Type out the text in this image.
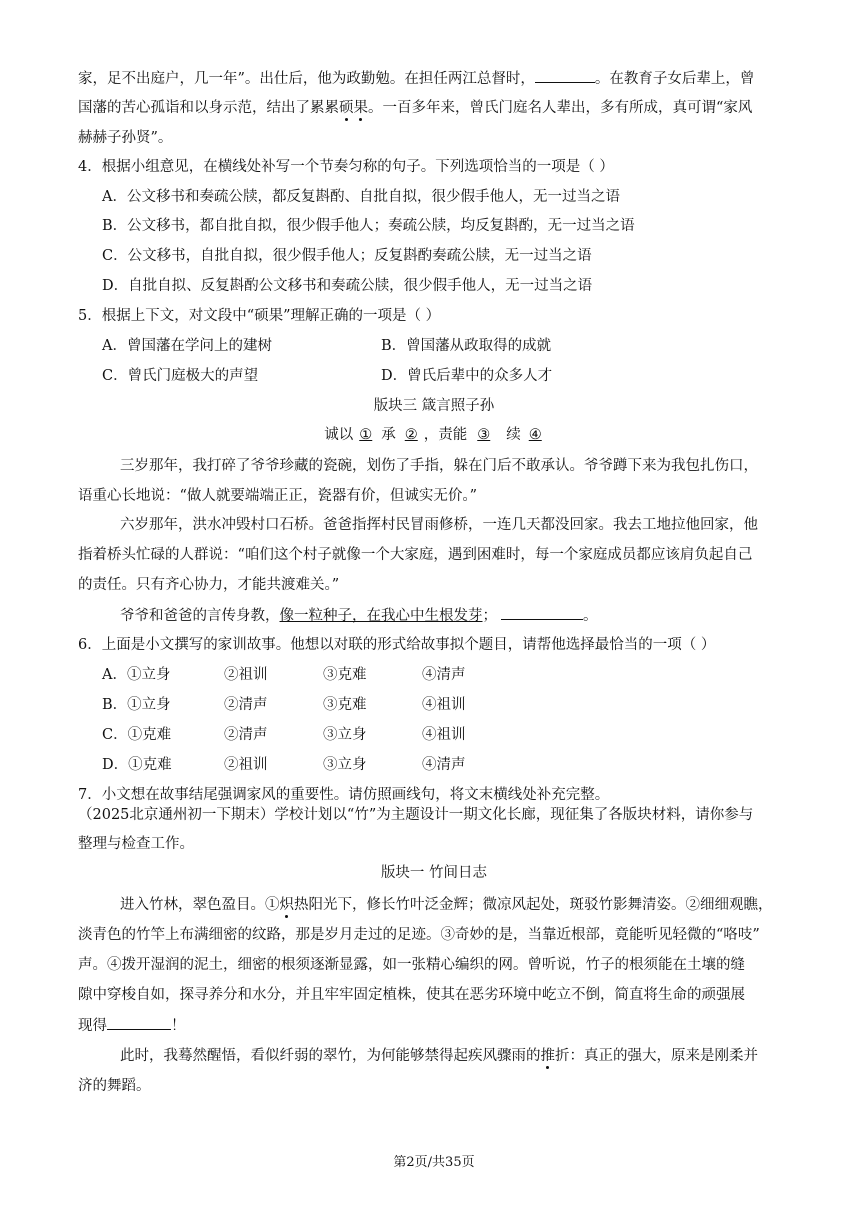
家，足不出庭户，几一年”。出仕后，他为政勤勉。在担任两江总督时，	。在教育子女后辈上，曾
国藩的苦心孤诣和以身示范，结出了累累硕果。一百多年来，曾氏门庭名人辈出，多有所成，真可谓“家风
赫赫子孙贤”。
4．根据小组意见，在横线处补写一个节奏匀称的句子。下列选项恰当的一项是（ ）
A．公文移书和奏疏公牍，都反复斟酌、自批自拟，很少假手他人，无一过当之语
B．公文移书，都自批自拟，很少假手他人；奏疏公牍，均反复斟酌，无一过当之语
C．公文移书，自批自拟，很少假手他人；反复斟酌奏疏公牍，无一过当之语
D．自批自拟、反复斟酌公文移书和奏疏公牍，很少假手他人，无一过当之语
5．根据上下文，对文段中“硕果”理解正确的一项是（ ）
A．曾国藩在学问上的建树	B．曾国藩从政取得的成就
C．曾氏门庭极大的声望	D．曾氏后辈中的众多人才
版块三 箴言照子孙
诚以 ① 承 ② ，责能 ③ 续 ④
三岁那年，我打碎了爷爷珍藏的瓷碗，划伤了手指，躲在门后不敢承认。爷爷蹲下来为我包扎伤口，
语重心长地说：“做人就要端端正正，瓷器有价，但诚实无价。”
六岁那年，洪水冲毁村口石桥。爸爸指挥村民冒雨修桥，一连几天都没回家。我去工地拉他回家，他
指着桥头忙碌的人群说：“咱们这个村子就像一个大家庭，遇到困难时，每一个家庭成员都应该肩负起自己
的责任。只有齐心协力，才能共渡难关。”
爷爷和爸爸的言传身教，像一粒种子，在我心中生根发芽；	。
6．上面是小文撰写的家训故事。他想以对联的形式给故事拟个题目，请帮他选择最恰当的一项（ ）
A．①立身	②祖训	③克难	④清声
B．①立身	②清声	③克难	④祖训
C．①克难	②清声	③立身	④祖训
D．①克难	②祖训	③立身	④清声
7．小文想在故事结尾强调家风的重要性。请仿照画线句，将文末横线处补充完整。
（2025北京通州初一下期末）学校计划以“竹”为主题设计一期文化长廊，现征集了各版块材料，请你参与
整理与检查工作。
版块一 竹间日志
进入竹林，翠色盈目。①炽热阳光下，修长竹叶泛金辉；微凉风起处，斑驳竹影舞清姿。②细细观瞧，
淡青色的竹竿上布满细密的纹路，那是岁月走过的足迹。③奇妙的是，当靠近根部，竟能听见轻微的“咯吱”
声。④拨开湿润的泥土，细密的根须逐渐显露，如一张精心编织的网。曾听说，竹子的根须能在土壤的缝
隙中穿梭自如，探寻养分和水分，并且牢牢固定植株，使其在恶劣环境中屹立不倒，简直将生命的顽强展
现得	！
此时，我蓦然醒悟，看似纤弱的翠竹，为何能够禁得起疾风骤雨的推折：真正的强大，原来是刚柔并
济的舞蹈。
第2页/共35页
